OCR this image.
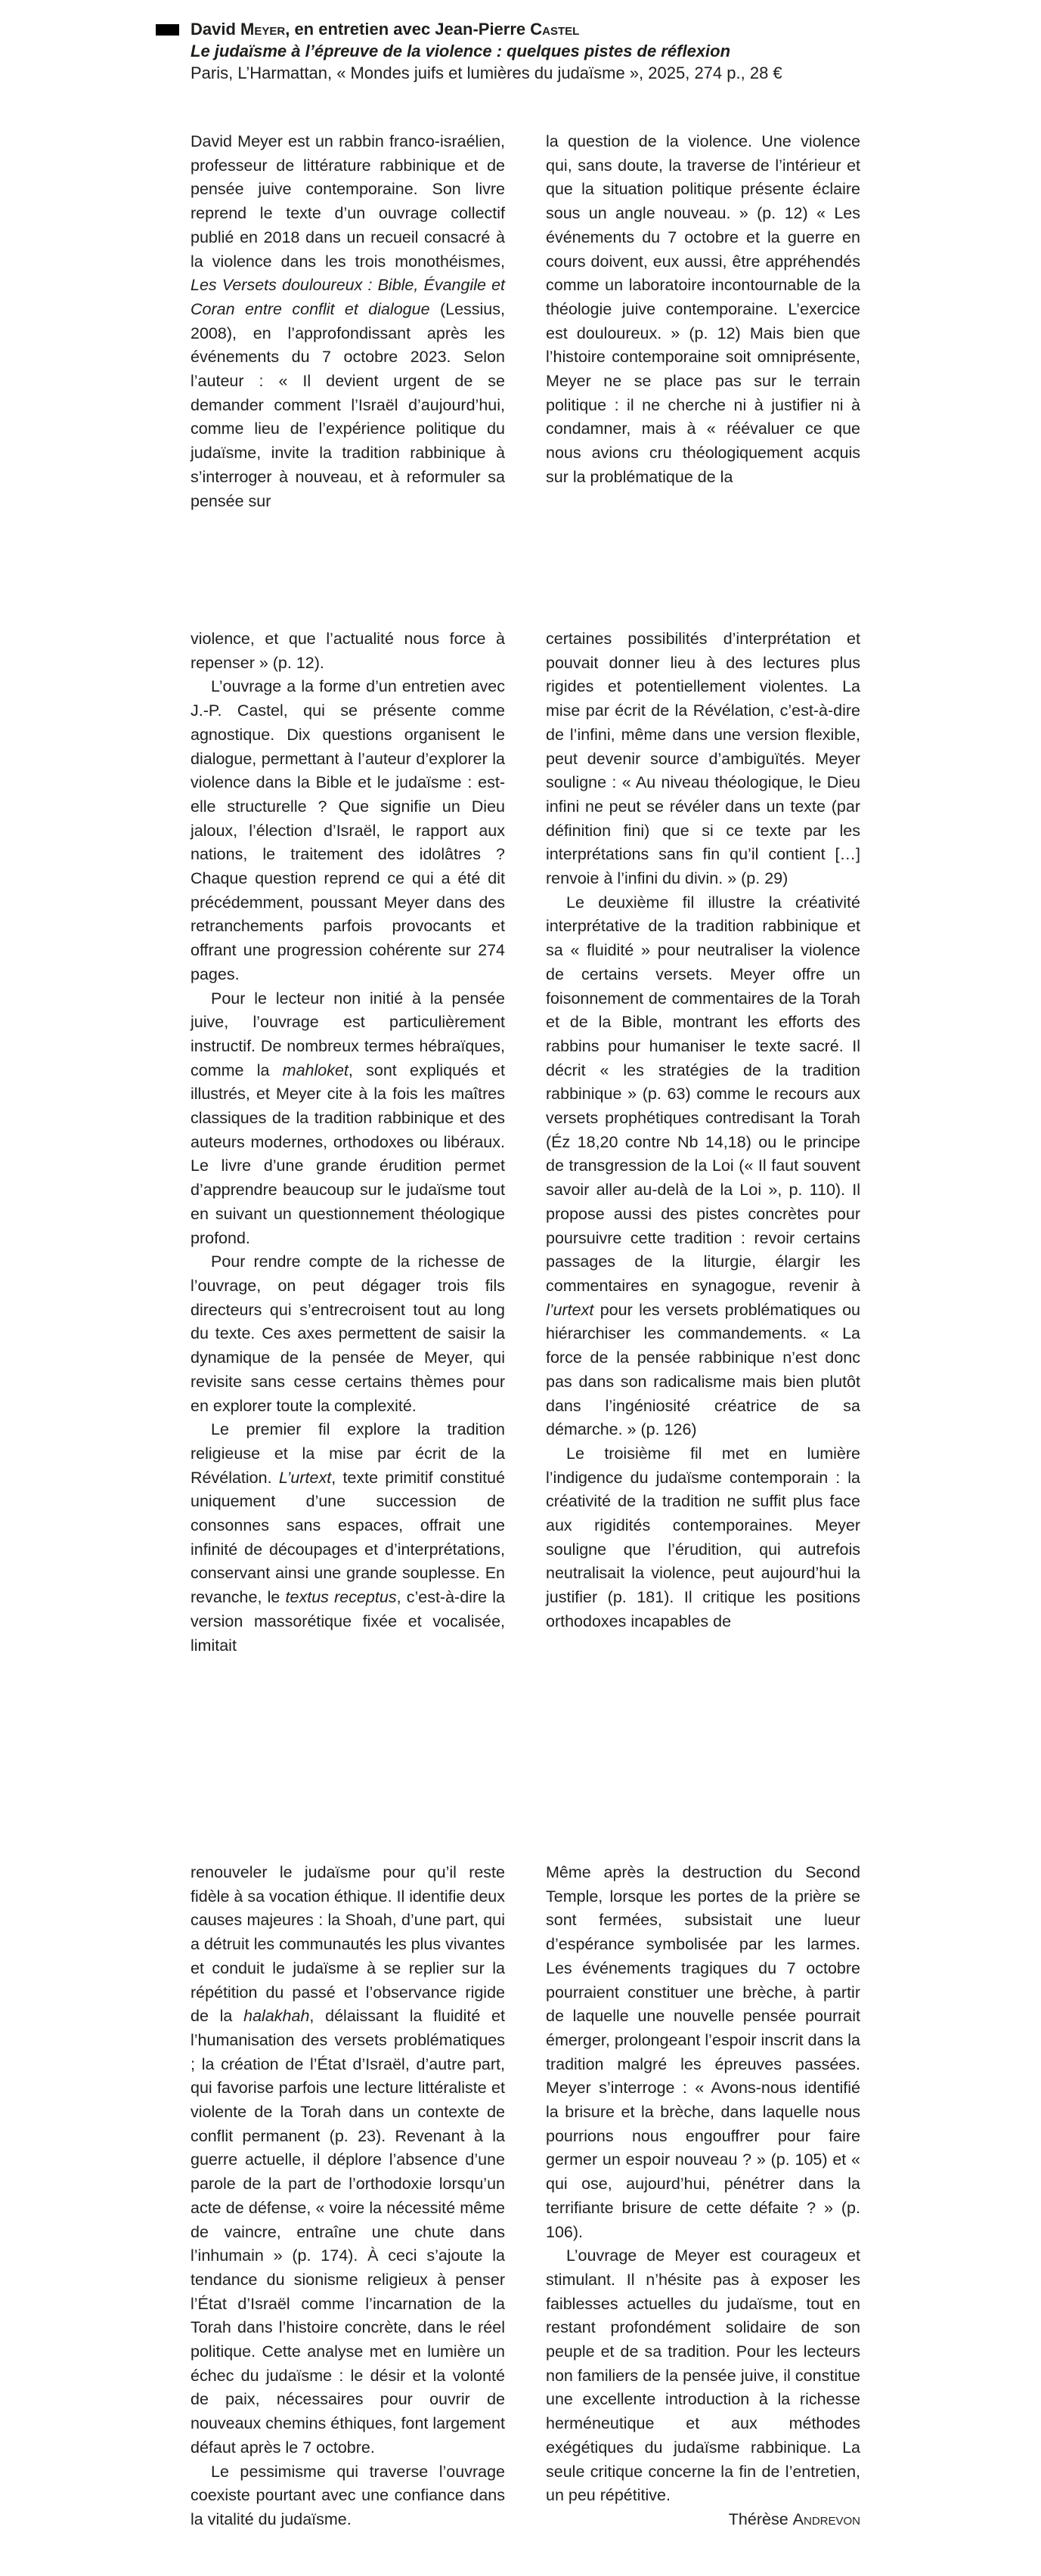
David Meyer, en entretien avec Jean-Pierre Castel
Le judaïsme à l’épreuve de la violence : quelques pistes de réflexion
Paris, L’Harmattan, « Mondes juifs et lumières du judaïsme », 2025, 274 p., 28 €

David Meyer est un rabbin franco-israélien, professeur de littérature rabbinique et de pensée juive contemporaine. Son livre reprend le texte d’un ouvrage collectif publié en 2018 dans un recueil consacré à la violence dans les trois monothéismes, Les Versets douloureux : Bible, Évangile et Coran entre conflit et dialogue (Lessius, 2008), en l’approfondissant après les événements du 7 octobre 2023. Selon l’auteur : « Il devient urgent de se demander comment l’Israël d’aujourd’hui, comme lieu de l’expérience politique du judaïsme, invite la tradition rabbinique à s’interroger à nouveau, et à reformuler sa pensée sur

la question de la violence. Une violence qui, sans doute, la traverse de l’intérieur et que la situation politique présente éclaire sous un angle nouveau. » (p. 12) « Les événements du 7 octobre et la guerre en cours doivent, eux aussi, être appréhendés comme un laboratoire incontournable de la théologie juive contemporaine. L’exercice est douloureux. » (p. 12) Mais bien que l’histoire contemporaine soit omniprésente, Meyer ne se place pas sur le terrain politique : il ne cherche ni à justifier ni à condamner, mais à « réévaluer ce que nous avions cru théologiquement acquis sur la problématique de la

violence, et que l’actualité nous force à repenser » (p. 12).

L’ouvrage a la forme d’un entretien avec J.-P. Castel, qui se présente comme agnostique. Dix questions organisent le dialogue, permettant à l’auteur d’explorer la violence dans la Bible et le judaïsme : est-elle structurelle ? Que signifie un Dieu jaloux, l’élection d’Israël, le rapport aux nations, le traitement des idolâtres ? Chaque question reprend ce qui a été dit précédemment, poussant Meyer dans des retranchements parfois provocants et offrant une progression cohérente sur 274 pages.

Pour le lecteur non initié à la pensée juive, l’ouvrage est particulièrement instructif. De nombreux termes hébraïques, comme la mahloket, sont expliqués et illustrés, et Meyer cite à la fois les maîtres classiques de la tradition rabbinique et des auteurs modernes, orthodoxes ou libéraux. Le livre d’une grande érudition permet d’apprendre beaucoup sur le judaïsme tout en suivant un questionnement théologique profond.

Pour rendre compte de la richesse de l’ouvrage, on peut dégager trois fils directeurs qui s’entrecroisent tout au long du texte. Ces axes permettent de saisir la dynamique de la pensée de Meyer, qui revisite sans cesse certains thèmes pour en explorer toute la complexité.

Le premier fil explore la tradition religieuse et la mise par écrit de la Révélation. L’urtext, texte primitif constitué uniquement d’une succession de consonnes sans espaces, offrait une infinité de découpages et d’interprétations, conservant ainsi une grande souplesse. En revanche, le textus receptus, c’est-à-dire la version massorétique fixée et vocalisée, limitait

certaines possibilités d’interprétation et pouvait donner lieu à des lectures plus rigides et potentiellement violentes. La mise par écrit de la Révélation, c’est-à-dire de l’infini, même dans une version flexible, peut devenir source d’ambiguïtés. Meyer souligne : « Au niveau théologique, le Dieu infini ne peut se révéler dans un texte (par définition fini) que si ce texte par les interprétations sans fin qu’il contient […] renvoie à l’infini du divin. » (p. 29)

Le deuxième fil illustre la créativité interprétative de la tradition rabbinique et sa « fluidité » pour neutraliser la violence de certains versets. Meyer offre un foisonnement de commentaires de la Torah et de la Bible, montrant les efforts des rabbins pour humaniser le texte sacré. Il décrit « les stratégies de la tradition rabbinique » (p. 63) comme le recours aux versets prophétiques contredisant la Torah (Éz 18,20 contre Nb 14,18) ou le principe de transgression de la Loi (« Il faut souvent savoir aller au-delà de la Loi », p. 110). Il propose aussi des pistes concrètes pour poursuivre cette tradition : revoir certains passages de la liturgie, élargir les commentaires en synagogue, revenir à l’urtext pour les versets problématiques ou hiérarchiser les commandements. « La force de la pensée rabbinique n’est donc pas dans son radicalisme mais bien plutôt dans l’ingéniosité créatrice de sa démarche. » (p. 126)

Le troisième fil met en lumière l’indigence du judaïsme contemporain : la créativité de la tradition ne suffit plus face aux rigidités contemporaines. Meyer souligne que l’érudition, qui autrefois neutralisait la violence, peut aujourd’hui la justifier (p. 181). Il critique les positions orthodoxes incapables de

renouveler le judaïsme pour qu’il reste fidèle à sa vocation éthique. Il identifie deux causes majeures : la Shoah, d’une part, qui a détruit les communautés les plus vivantes et conduit le judaïsme à se replier sur la répétition du passé et l’observance rigide de la halakhah, délaissant la fluidité et l’humanisation des versets problématiques ; la création de l’État d’Israël, d’autre part, qui favorise parfois une lecture littéraliste et violente de la Torah dans un contexte de conflit permanent (p. 23). Revenant à la guerre actuelle, il déplore l’absence d’une parole de la part de l’orthodoxie lorsqu’un acte de défense, « voire la nécessité même de vaincre, entraîne une chute dans l’inhumain » (p. 174). À ceci s’ajoute la tendance du sionisme religieux à penser l’État d’Israël comme l’incarnation de la Torah dans l’histoire concrète, dans le réel politique. Cette analyse met en lumière un échec du judaïsme : le désir et la volonté de paix, nécessaires pour ouvrir de nouveaux chemins éthiques, font largement défaut après le 7 octobre.

Le pessimisme qui traverse l’ouvrage coexiste pourtant avec une confiance dans la vitalité du judaïsme.

Même après la destruction du Second Temple, lorsque les portes de la prière se sont fermées, subsistait une lueur d’espérance symbolisée par les larmes. Les événements tragiques du 7 octobre pourraient constituer une brèche, à partir de laquelle une nouvelle pensée pourrait émerger, prolongeant l’espoir inscrit dans la tradition malgré les épreuves passées. Meyer s’interroge : « Avons-nous identifié la brisure et la brèche, dans laquelle nous pourrions nous engouffrer pour faire germer un espoir nouveau ? » (p. 105) et « qui ose, aujourd’hui, pénétrer dans la terrifiante brisure de cette défaite ? » (p. 106).

L’ouvrage de Meyer est courageux et stimulant. Il n’hésite pas à exposer les faiblesses actuelles du judaïsme, tout en restant profondément solidaire de son peuple et de sa tradition. Pour les lecteurs non familiers de la pensée juive, il constitue une excellente introduction à la richesse herméneutique et aux méthodes exégétiques du judaïsme rabbinique. La seule critique concerne la fin de l’entretien, un peu répétitive.

Thérèse Andrevon
